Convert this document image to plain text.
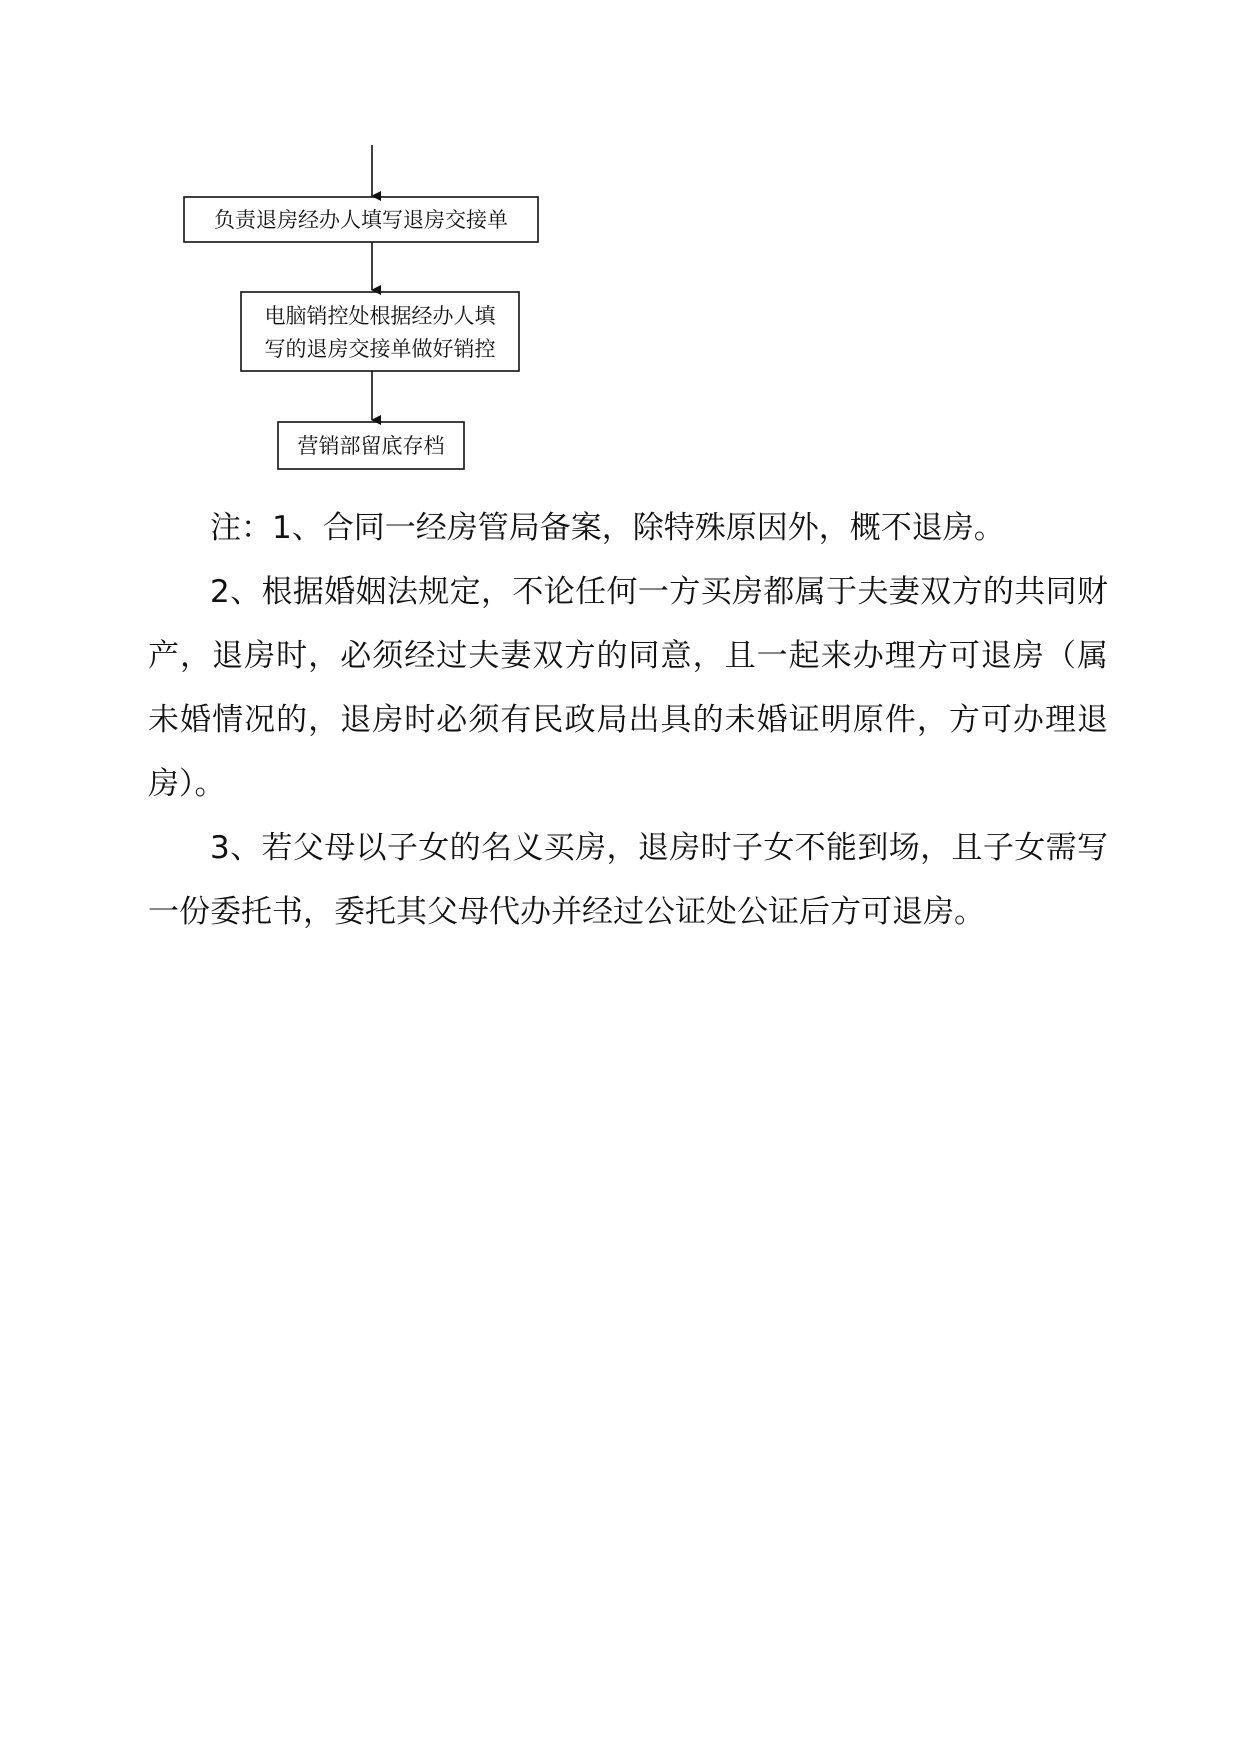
负责退房经办人填写退房交接单
电脑销控处根据经办人填
写的退房交接单做好销控
营销部留底存档

注：1、合同一经房管局备案，除特殊原因外，概不退房。

2、根据婚姻法规定，不论任何一方买房都属于夫妻双方的共同财产，退房时，必须经过夫妻双方的同意，且一起来办理方可退房（属未婚情况的，退房时必须有民政局出具的未婚证明原件，方可办理退房）。

3、若父母以子女的名义买房，退房时子女不能到场，且子女需写一份委托书，委托其父母代办并经过公证处公证后方可退房。
